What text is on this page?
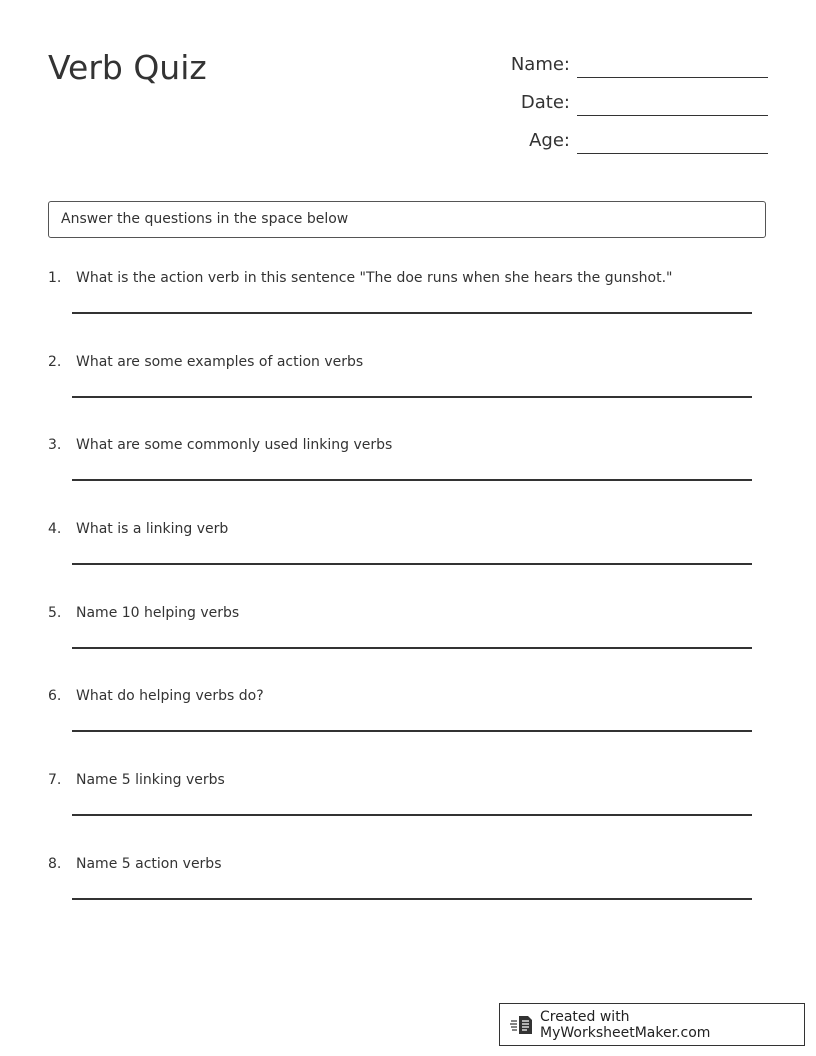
Verb Quiz	Name:
Date:
Age:
Answer the questions in the space below
1.	What is the action verb in this sentence "The doe runs when she hears the gunshot."
2.	What are some examples of action verbs
3.	What are some commonly used linking verbs
4.	What is a linking verb
5.	Name 10 helping verbs
6.	What do helping verbs do?
7.	Name 5 linking verbs
8.	Name 5 action verbs
Created with MyWorksheetMaker.com
